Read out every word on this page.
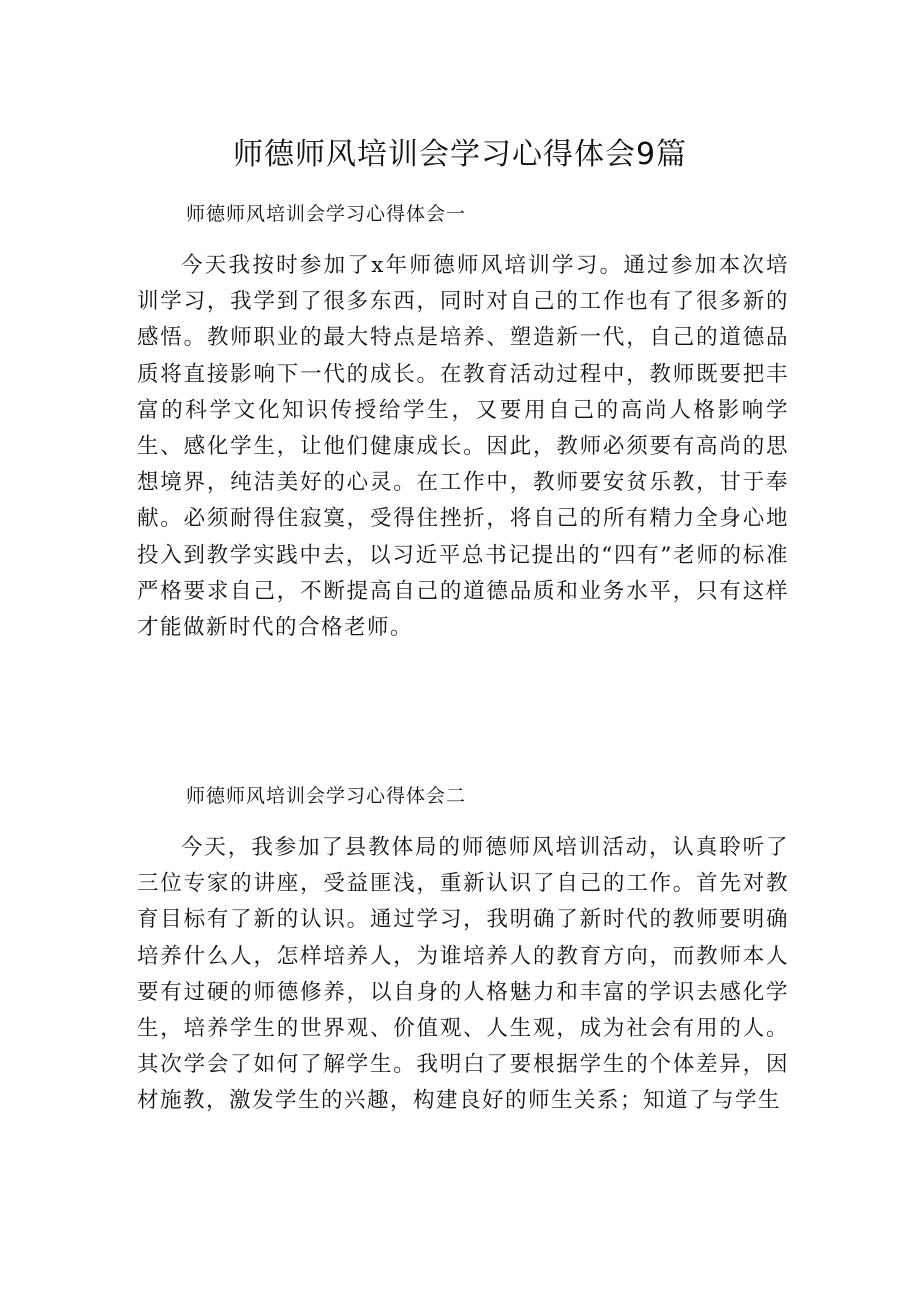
师德师风培训会学习心得体会9篇

师德师风培训会学习心得体会一

今天我按时参加了x年师德师风培训学习。通过参加本次培训学习，我学到了很多东西，同时对自己的工作也有了很多新的感悟。教师职业的最大特点是培养、塑造新一代，自己的道德品质将直接影响下一代的成长。在教育活动过程中，教师既要把丰富的科学文化知识传授给学生，又要用自己的高尚人格影响学生、感化学生，让他们健康成长。因此，教师必须要有高尚的思想境界，纯洁美好的心灵。在工作中，教师要安贫乐教，甘于奉献。必须耐得住寂寞，受得住挫折，将自己的所有精力全身心地投入到教学实践中去，以习近平总书记提出的“四有”老师的标准严格要求自己，不断提高自己的道德品质和业务水平，只有这样才能做新时代的合格老师。

师德师风培训会学习心得体会二

今天，我参加了县教体局的师德师风培训活动，认真聆听了三位专家的讲座，受益匪浅，重新认识了自己的工作。首先对教育目标有了新的认识。通过学习，我明确了新时代的教师要明确培养什么人，怎样培养人，为谁培养人的教育方向，而教师本人要有过硬的师德修养，以自身的人格魅力和丰富的学识去感化学生，培养学生的世界观、价值观、人生观，成为社会有用的人。其次学会了如何了解学生。我明白了要根据学生的个体差异，因材施教，激发学生的兴趣，构建良好的师生关系；知道了与学生
